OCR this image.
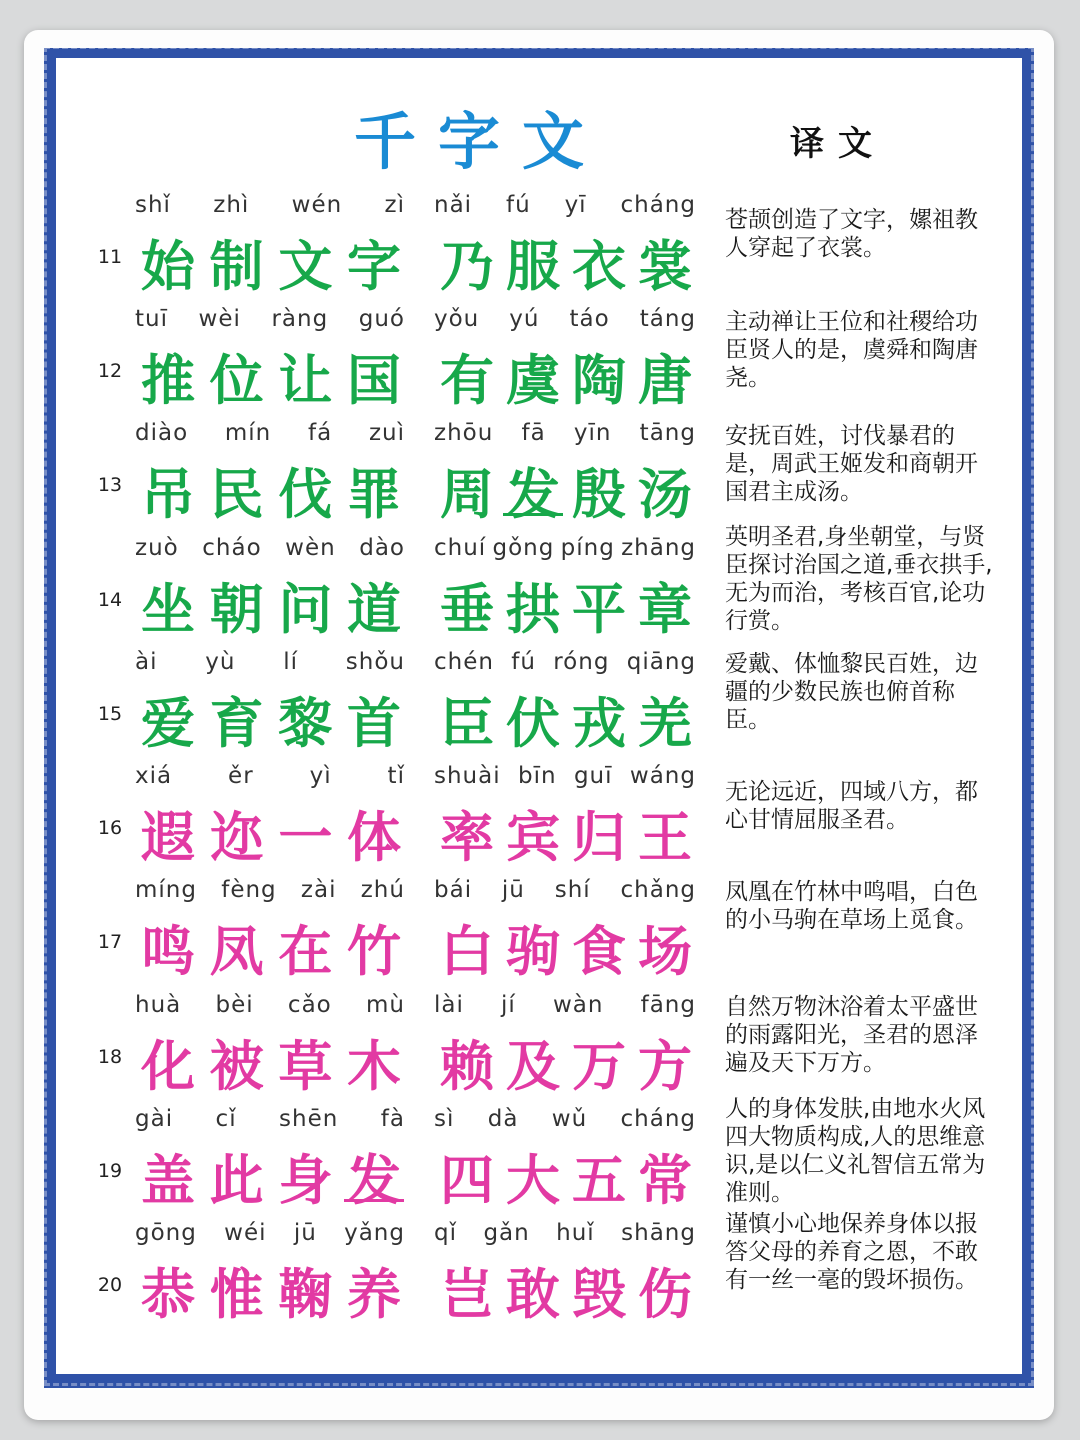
千字文	译文
11
shǐ zhì wén zì
始 制 文 字
nǎi fú yī cháng
乃 服 衣 裳
苍颉创造了文字，嫘祖教人穿起了衣裳。
12
tuī wèi ràng guó
推 位 让 国
yǒu yú táo táng
有 虞 陶 唐
主动禅让王位和社稷给功臣贤人的是，虞舜和陶唐尧。
13
diào mín fá zuì
吊 民 伐 罪
zhōu fā yīn tāng
周 发 殷 汤
安抚百姓，讨伐暴君的是，周武王姬发和商朝开国君主成汤。
14
zuò cháo wèn dào
坐 朝 问 道
chuí gǒng píng zhāng
垂 拱 平 章
英明圣君,身坐朝堂，与贤臣探讨治国之道,垂衣拱手,无为而治，考核百官,论功行赏。
15
ài yù lí shǒu
爱 育 黎 首
chén fú róng qiāng
臣 伏 戎 羌
爱戴、体恤黎民百姓，边疆的少数民族也俯首称臣。
16
xiá ěr yì tǐ
遐 迩 一 体
shuài bīn guī wáng
率 宾 归 王
无论远近，四域八方，都心甘情屈服圣君。
17
míng fèng zài zhú
鸣 凤 在 竹
bái jū shí chǎng
白 驹 食 场
凤凰在竹林中鸣唱，白色的小马驹在草场上觅食。
18
huà bèi cǎo mù
化 被 草 木
lài jí wàn fāng
赖 及 万 方
自然万物沐浴着太平盛世的雨露阳光，圣君的恩泽遍及天下万方。
19
gài cǐ shēn fà
盖 此 身 发
sì dà wǔ cháng
四 大 五 常
人的身体发肤,由地水火风四大物质构成,人的思维意识,是以仁义礼智信五常为准则。
20
gōng wéi jū yǎng
恭 惟 鞠 养
qǐ gǎn huǐ shāng
岂 敢 毁 伤
谨慎小心地保养身体以报答父母的养育之恩，不敢有一丝一毫的毁坏损伤。
